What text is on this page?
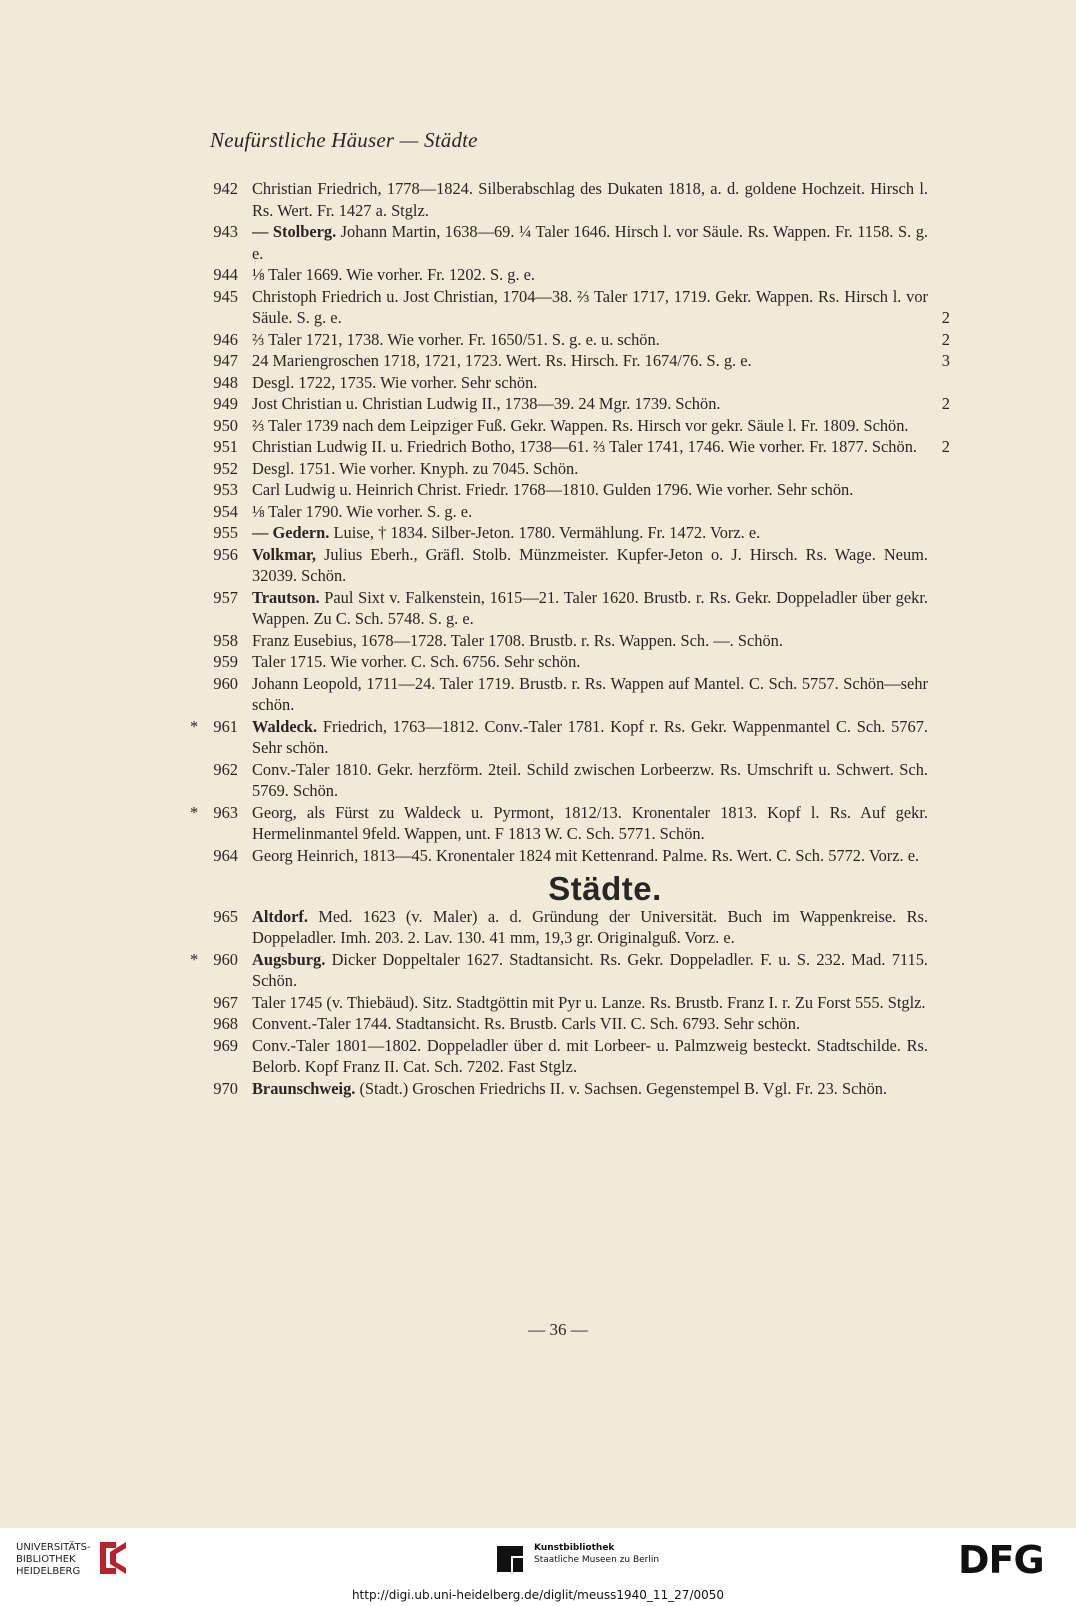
Neufürstliche Häuser — Städte
942 Christian Friedrich, 1778—1824. Silberabschlag des Dukaten 1818, a. d. goldene Hochzeit. Hirsch l. Rs. Wert. Fr. 1427 a. Stglz.
943 — Stolberg. Johann Martin, 1638—69. ¼ Taler 1646. Hirsch l. vor Säule. Rs. Wappen. Fr. 1158. S. g. e.
944 ⅛ Taler 1669. Wie vorher. Fr. 1202. S. g. e.
945 Christoph Friedrich u. Jost Christian, 1704—38. ⅔ Taler 1717, 1719. Gekr. Wappen. Rs. Hirsch l. vor Säule. S. g. e.	2
946 ⅔ Taler 1721, 1738. Wie vorher. Fr. 1650/51. S. g. e. u. schön.	2
947 24 Mariengroschen 1718, 1721, 1723. Wert. Rs. Hirsch. Fr. 1674/76. S. g. e.	3
948 Desgl. 1722, 1735. Wie vorher. Sehr schön.
949 Jost Christian u. Christian Ludwig II., 1738—39. 24 Mgr. 1739. Schön.	2
950 ⅔ Taler 1739 nach dem Leipziger Fuß. Gekr. Wappen. Rs. Hirsch vor gekr. Säule l. Fr. 1809. Schön.
951 Christian Ludwig II. u. Friedrich Botho, 1738—61. ⅔ Taler 1741, 1746. Wie vorher. Fr. 1877. Schön.	2
952 Desgl. 1751. Wie vorher. Knyph. zu 7045. Schön.
953 Carl Ludwig u. Heinrich Christ. Friedr. 1768—1810. Gulden 1796. Wie vorher. Sehr schön.
954 ⅛ Taler 1790. Wie vorher. S. g. e.
955 — Gedern. Luise, † 1834. Silber-Jeton. 1780. Vermählung. Fr. 1472. Vorz. e.
956 Volkmar, Julius Eberh., Gräfl. Stolb. Münzmeister. Kupfer-Jeton o. J. Hirsch. Rs. Wage. Neum. 32039. Schön.
957 Trautson. Paul Sixt v. Falkenstein, 1615—21. Taler 1620. Brustb. r. Rs. Gekr. Doppeladler über gekr. Wappen. Zu C. Sch. 5748. S. g. e.
958 Franz Eusebius, 1678—1728. Taler 1708. Brustb. r. Rs. Wappen. Sch. —. Schön.
959 Taler 1715. Wie vorher. C. Sch. 6756. Sehr schön.
960 Johann Leopold, 1711—24. Taler 1719. Brustb. r. Rs. Wappen auf Mantel. C. Sch. 5757. Schön—sehr schön.
* 961 Waldeck. Friedrich, 1763—1812. Conv.-Taler 1781. Kopf r. Rs. Gekr. Wappenmantel C. Sch. 5767. Sehr schön.
962 Conv.-Taler 1810. Gekr. herzförm. 2teil. Schild zwischen Lorbeerzw. Rs. Umschrift u. Schwert. Sch. 5769. Schön.
* 963 Georg, als Fürst zu Waldeck u. Pyrmont, 1812/13. Kronentaler 1813. Kopf l. Rs. Auf gekr. Hermelinmantel 9feld. Wappen, unt. F 1813 W. C. Sch. 5771. Schön.
964 Georg Heinrich, 1813—45. Kronentaler 1824 mit Kettenrand. Palme. Rs. Wert. C. Sch. 5772. Vorz. e.
Städte.
965 Altdorf. Med. 1623 (v. Maler) a. d. Gründung der Universität. Buch im Wappenkreise. Rs. Doppeladler. Imh. 203. 2. Lav. 130. 41 mm, 19,3 gr. Originalguß. Vorz. e.
* 960 Augsburg. Dicker Doppeltaler 1627. Stadtansicht. Rs. Gekr. Doppeladler. F. u. S. 232. Mad. 7115. Schön.
967 Taler 1745 (v. Thiebäud). Sitz. Stadtgöttin mit Pyr u. Lanze. Rs. Brustb. Franz I. r. Zu Forst 555. Stglz.
968 Convent.-Taler 1744. Stadtansicht. Rs. Brustb. Carls VII. C. Sch. 6793. Sehr schön.
969 Conv.-Taler 1801—1802. Doppeladler über d. mit Lorbeer- u. Palmzweig besteckt. Stadtschilde. Rs. Belorb. Kopf Franz II. Cat. Sch. 7202. Fast Stglz.
970 Braunschweig. (Stadt.) Groschen Friedrichs II. v. Sachsen. Gegenstempel B. Vgl. Fr. 23. Schön.
— 36 —
UNIVERSITÄTS-
BIBLIOTHEK
HEIDELBERG
Kunstbibliothek
Staatliche Museen zu Berlin	DFG
http://digi.ub.uni-heidelberg.de/diglit/meuss1940_11_27/0050
